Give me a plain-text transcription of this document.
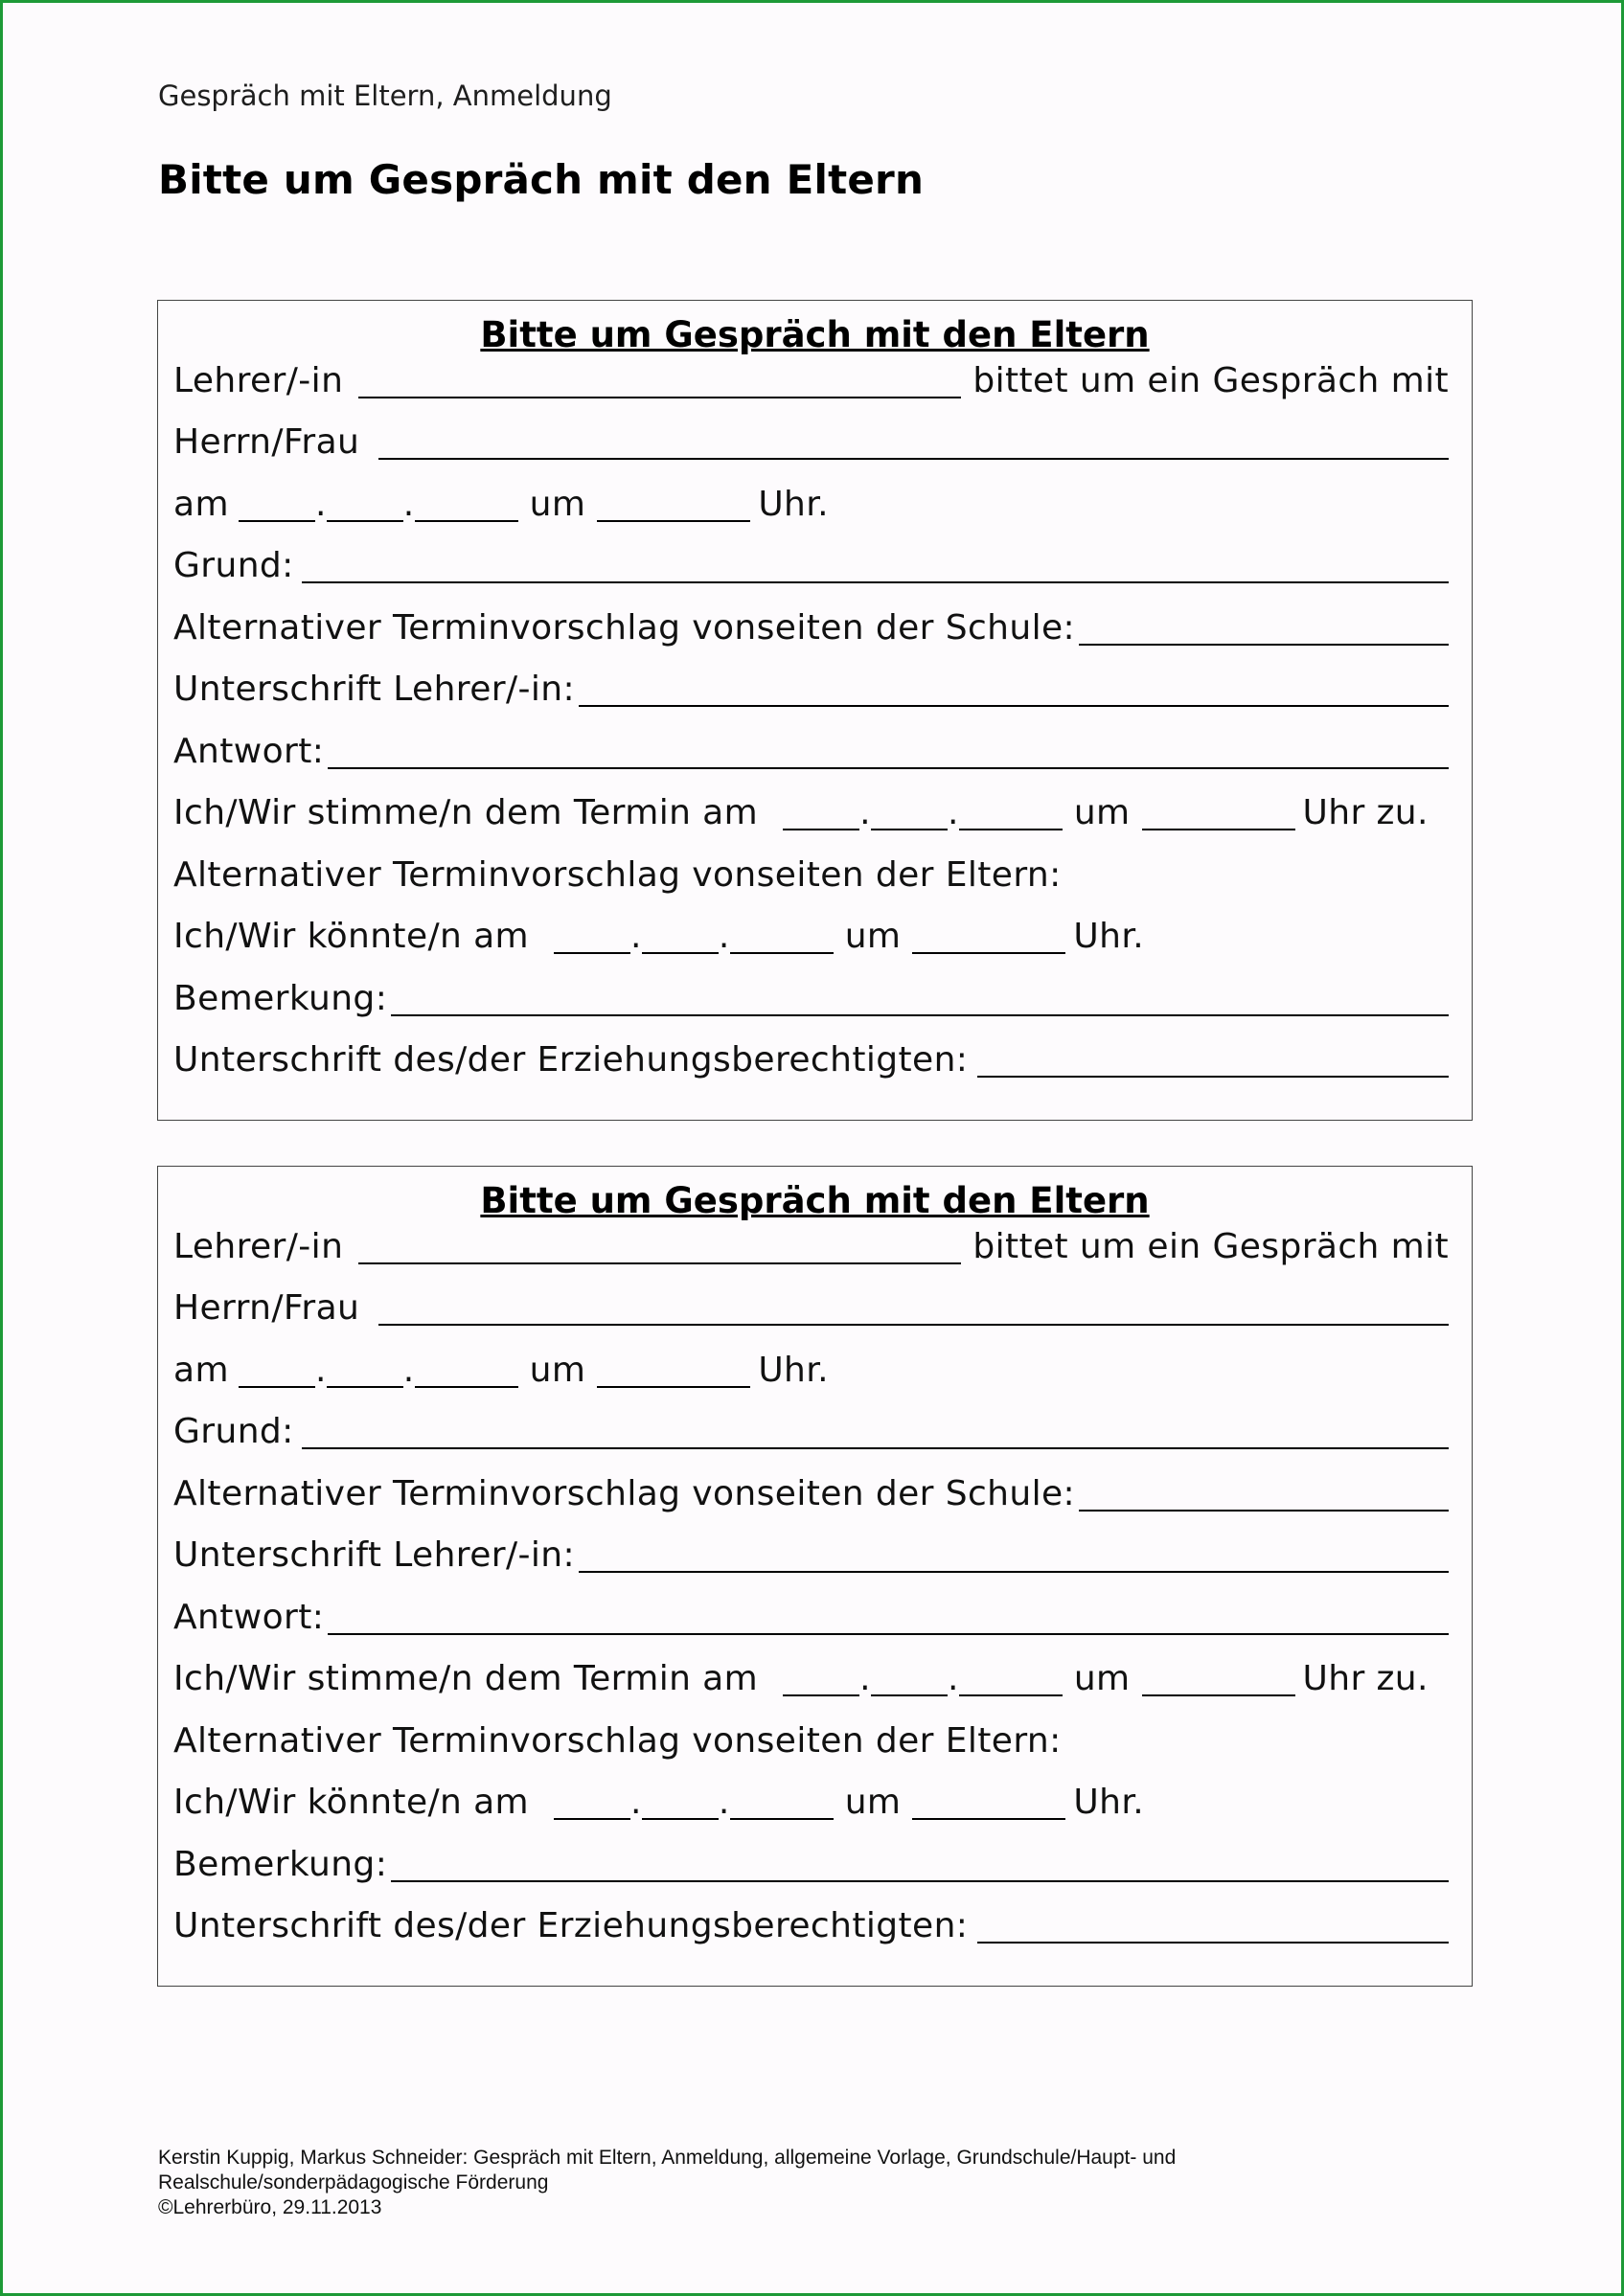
Gespräch mit Eltern, Anmeldung
Bitte um Gespräch mit den Eltern
Bitte um Gespräch mit den Eltern
Lehrer/-in	bittet um ein Gespräch mit
Herrn/Frau
am	. .	um	Uhr.
Grund:
Alternativer Terminvorschlag vonseiten der Schule:
Unterschrift Lehrer/-in:
Antwort:
Ich/Wir stimme/n dem Termin am	. .	um	Uhr zu.
Alternativer Terminvorschlag vonseiten der Eltern:
Ich/Wir könnte/n am	. .	um	Uhr.
Bemerkung:
Unterschrift des/der Erziehungsberechtigten:
Bitte um Gespräch mit den Eltern
Lehrer/-in	bittet um ein Gespräch mit
Herrn/Frau
am	. .	um	Uhr.
Grund:
Alternativer Terminvorschlag vonseiten der Schule:
Unterschrift Lehrer/-in:
Antwort:
Ich/Wir stimme/n dem Termin am	. .	um	Uhr zu.
Alternativer Terminvorschlag vonseiten der Eltern:
Ich/Wir könnte/n am	. .	um	Uhr.
Bemerkung:
Unterschrift des/der Erziehungsberechtigten:
Kerstin Kuppig, Markus Schneider: Gespräch mit Eltern, Anmeldung, allgemeine Vorlage, Grundschule/Haupt- und
Realschule/sonderpädagogische Förderung
©Lehrerbüro, 29.11.2013
